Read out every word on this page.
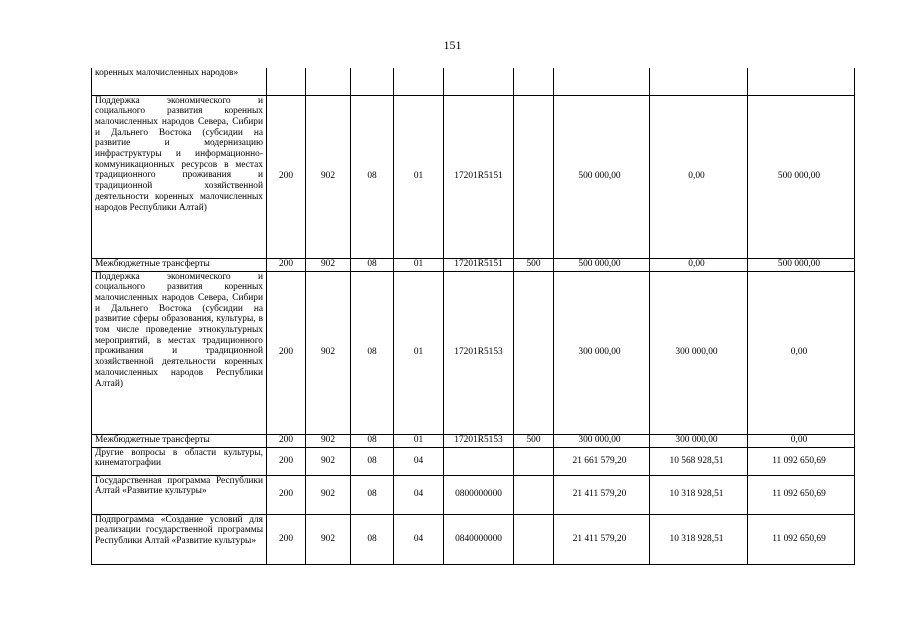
151
коренных малочисленных народов»									
Поддержка экономического и социального развития коренных малочисленных народов Севера, Сибири и Дальнего Востока (субсидии на развитие и модернизацию инфраструктуры и информационно-коммуникационных ресурсов в местах традиционного проживания и традиционной хозяйственной деятельности коренных малочисленных народов Республики Алтай)	200	902	08	01	17201R5151		500 000,00	0,00	500 000,00
Межбюджетные трансферты	200	902	08	01	17201R5151	500	500 000,00	0,00	500 000,00
Поддержка экономического и социального развития коренных малочисленных народов Севера, Сибири и Дальнего Востока (субсидии на развитие сферы образования, культуры, в том числе проведение этнокультурных мероприятий, в местах традиционного проживания и традиционной хозяйственной деятельности коренных малочисленных народов Республики Алтай)	200	902	08	01	17201R5153		300 000,00	300 000,00	0,00
Межбюджетные трансферты	200	902	08	01	17201R5153	500	300 000,00	300 000,00	0,00
Другие вопросы в области культуры, кинематографии	200	902	08	04			21 661 579,20	10 568 928,51	11 092 650,69
Государственная программа Республики Алтай «Развитие культуры»	200	902	08	04	0800000000		21 411 579,20	10 318 928,51	11 092 650,69
Подпрограмма «Создание условий для реализации государственной программы Республики Алтай «Развитие культуры»	200	902	08	04	0840000000		21 411 579,20	10 318 928,51	11 092 650,69
